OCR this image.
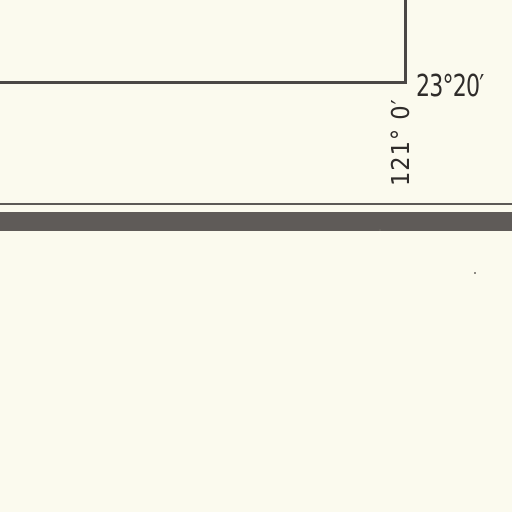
23°20′
121° 0′
